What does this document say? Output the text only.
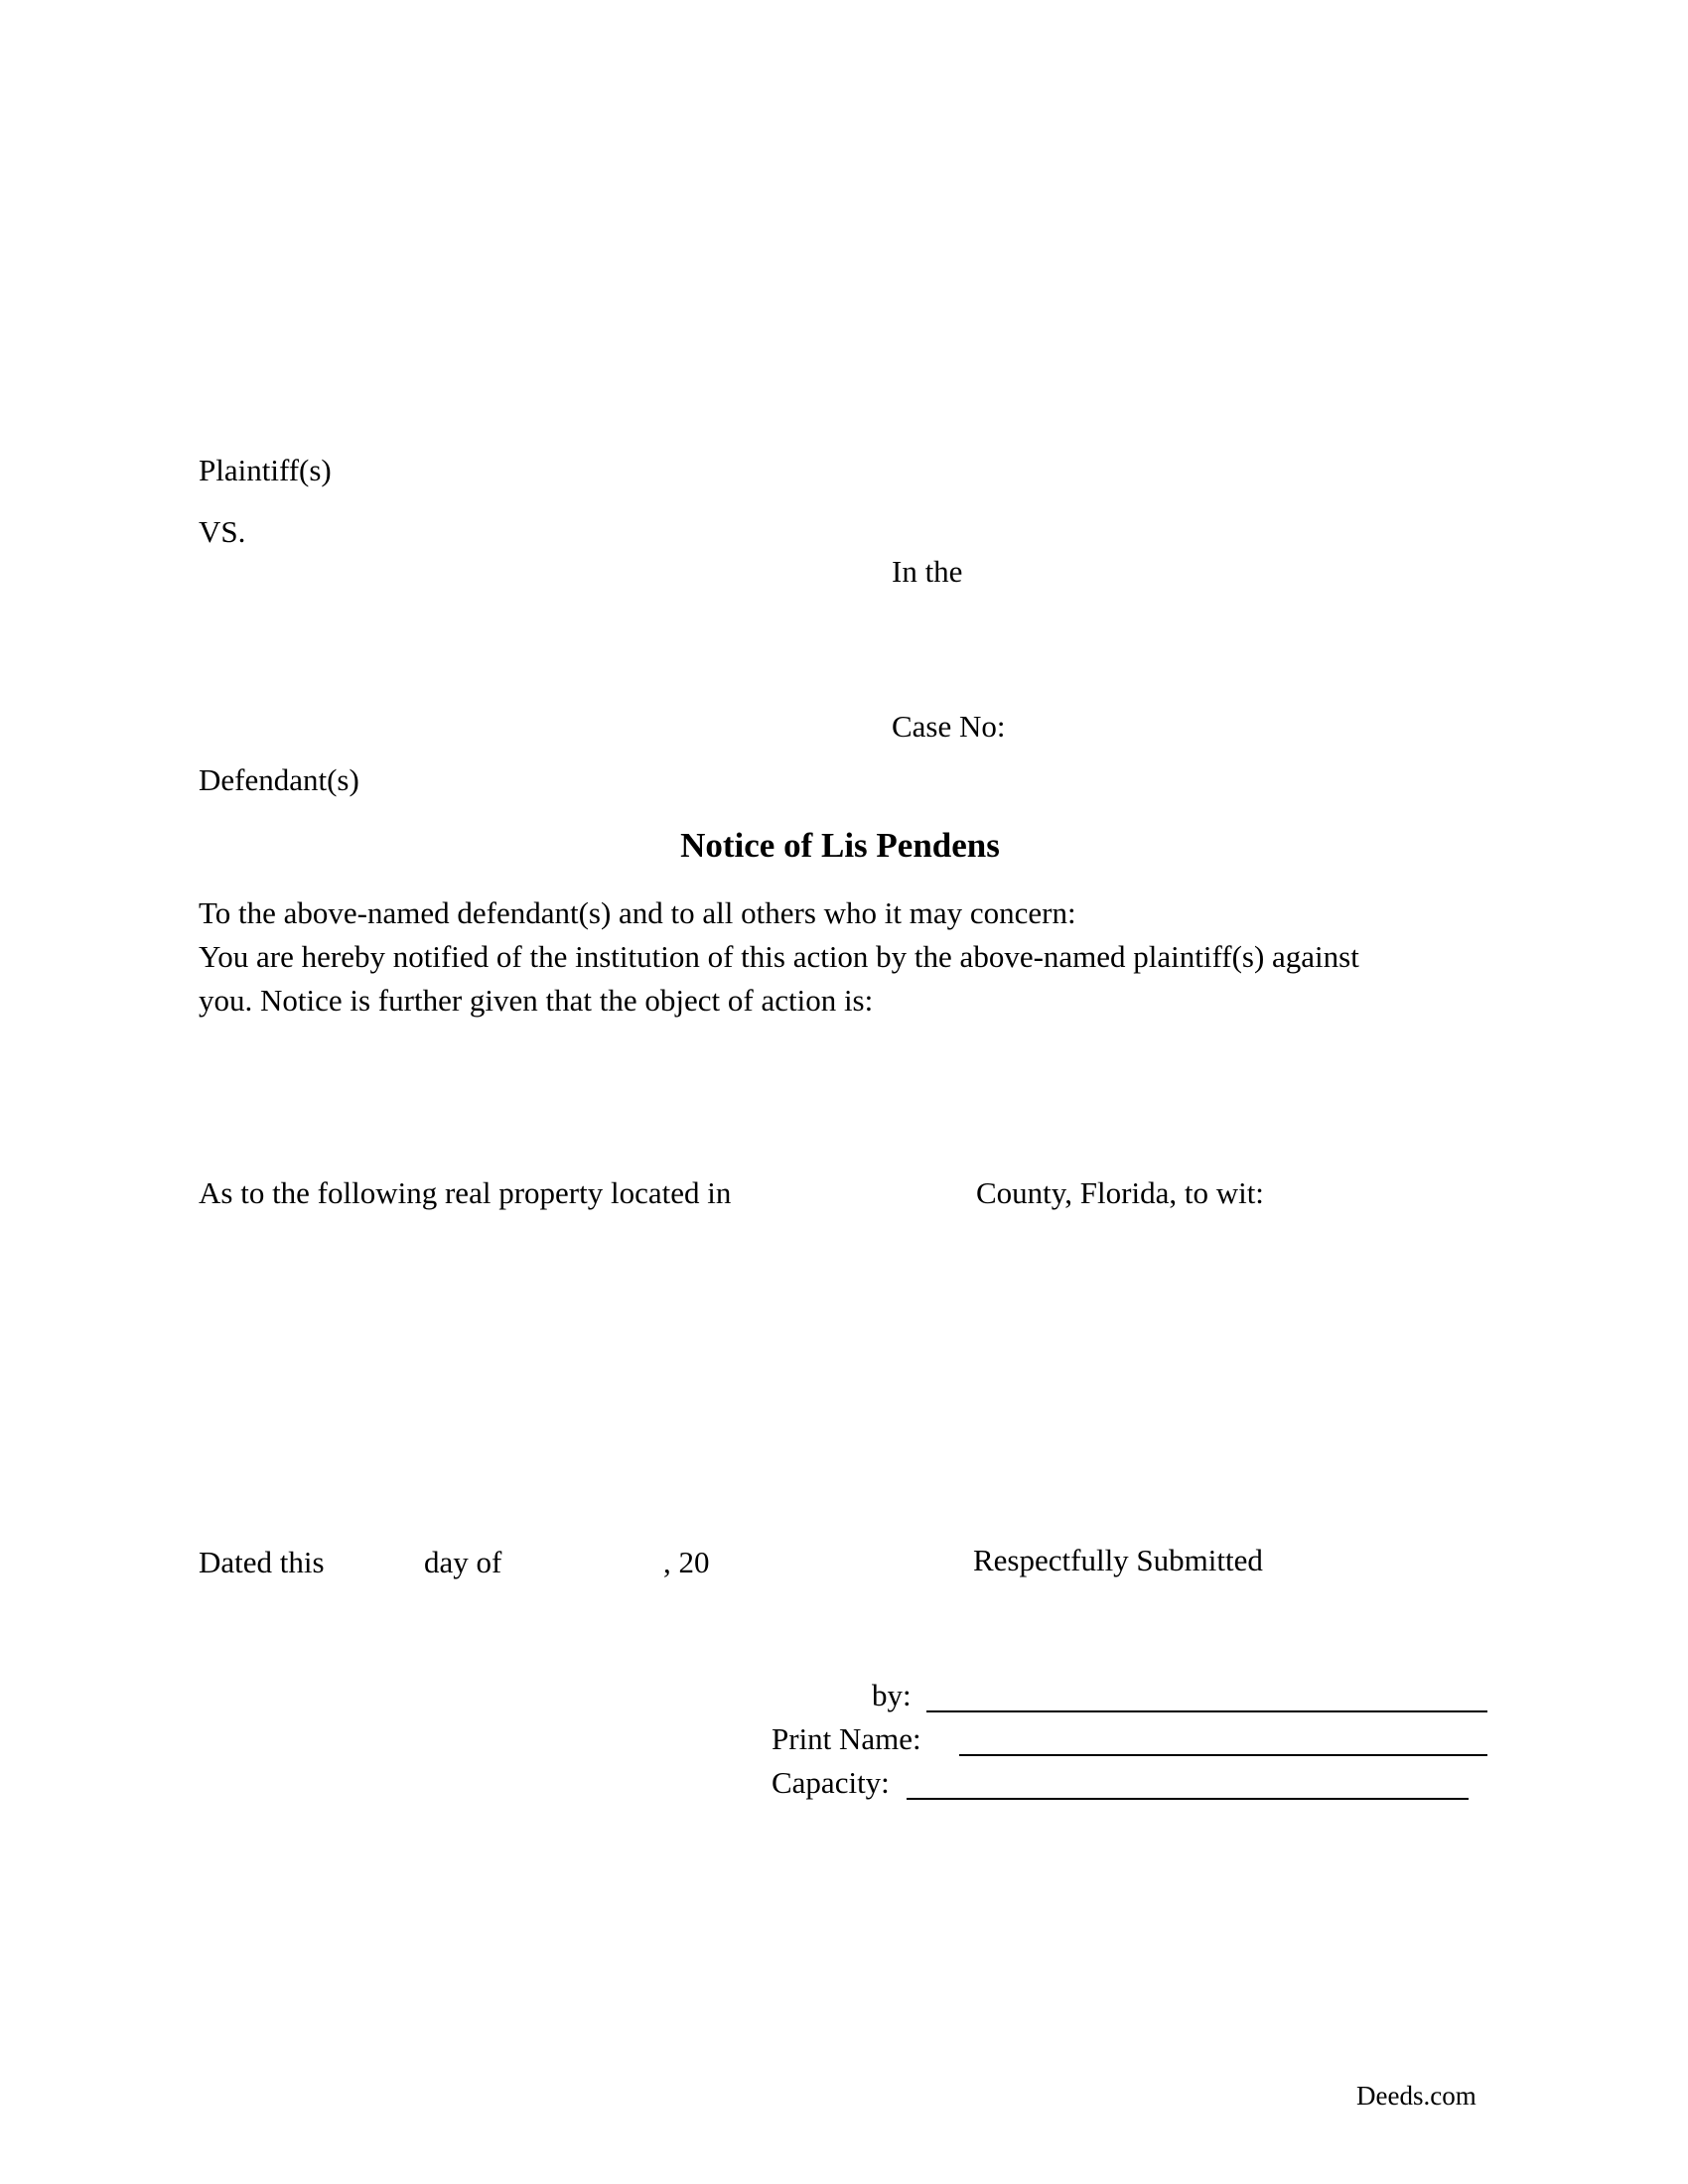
Plaintiff(s)
VS.
In the
Case No:
Defendant(s)
Notice of Lis Pendens
To the above-named defendant(s) and to all others who it may concern:
You are hereby notified of the institution of this action by the above-named plaintiff(s) against
you. Notice is further given that the object of action is:
As to the following real property located in	County, Florida, to wit:
Dated this	day of	, 20	Respectfully Submitted
by:
Print Name:
Capacity:
Deeds.com
